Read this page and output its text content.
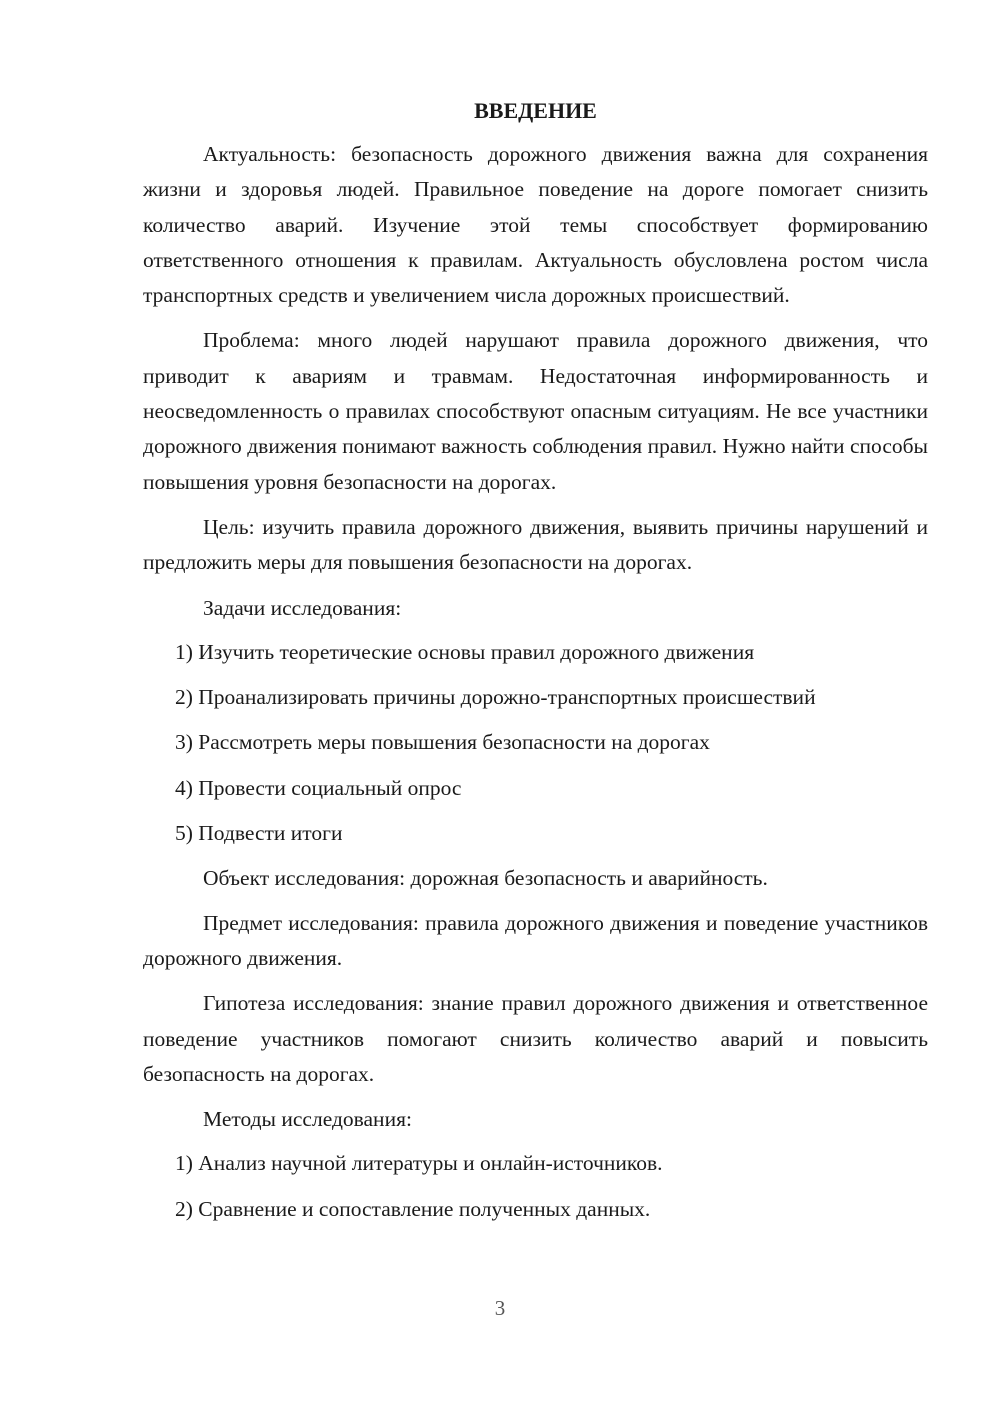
ВВЕДЕНИЕ

Актуальность: безопасность дорожного движения важна для сохранения жизни и здоровья людей. Правильное поведение на дороге помогает снизить количество аварий. Изучение этой темы способствует формированию ответственного отношения к правилам. Актуальность обусловлена ростом числа транспортных средств и увеличением числа дорожных происшествий.

Проблема: много людей нарушают правила дорожного движения, что приводит к авариям и травмам. Недостаточная информированность и неосведомленность о правилах способствуют опасным ситуациям. Не все участники дорожного движения понимают важность соблюдения правил. Нужно найти способы повышения уровня безопасности на дорогах.

Цель: изучить правила дорожного движения, выявить причины нарушений и предложить меры для повышения безопасности на дорогах.

Задачи исследования:
1) Изучить теоретические основы правил дорожного движения
2) Проанализировать причины дорожно-транспортных происшествий
3) Рассмотреть меры повышения безопасности на дорогах
4) Провести социальный опрос
5) Подвести итоги

Объект исследования: дорожная безопасность и аварийность.

Предмет исследования: правила дорожного движения и поведение участников дорожного движения.

Гипотеза исследования: знание правил дорожного движения и ответственное поведение участников помогают снизить количество аварий и повысить безопасность на дорогах.

Методы исследования:
1) Анализ научной литературы и онлайн-источников.
2) Сравнение и сопоставление полученных данных.
3
